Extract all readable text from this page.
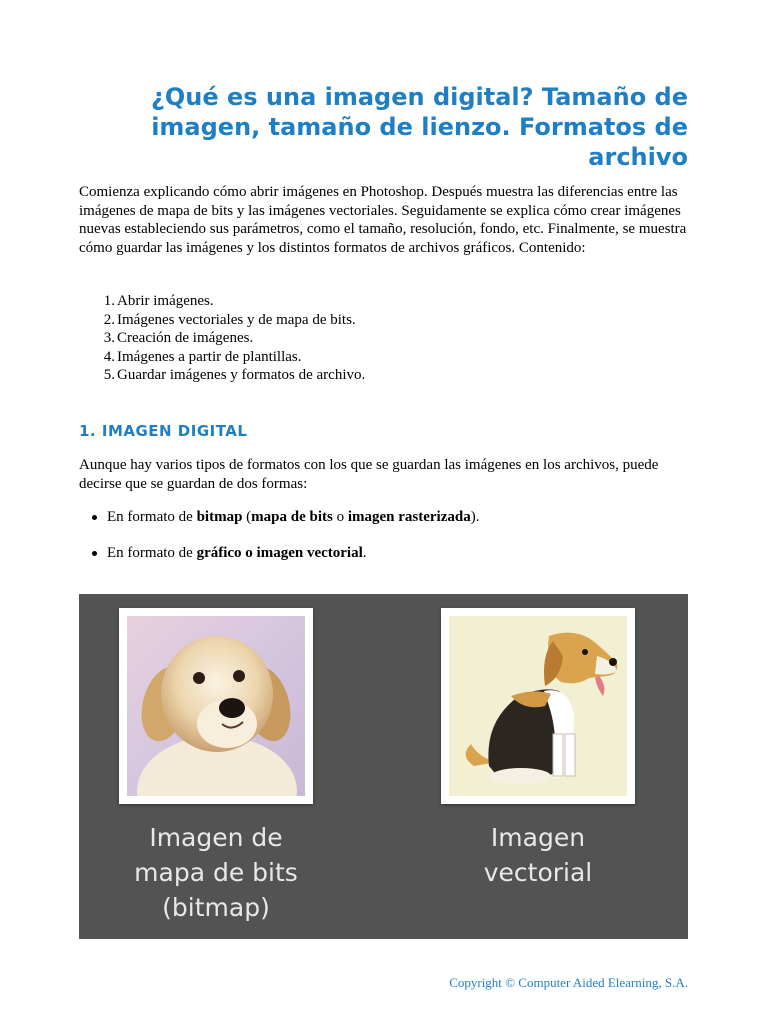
¿Qué es una imagen digital? Tamaño de imagen, tamaño de lienzo. Formatos de archivo

Comienza explicando cómo abrir imágenes en Photoshop. Después muestra las diferencias entre las imágenes de mapa de bits y las imágenes vectoriales. Seguidamente se explica cómo crear imágenes nuevas estableciendo sus parámetros, como el tamaño, resolución, fondo, etc. Finalmente, se muestra cómo guardar las imágenes y los distintos formatos de archivos gráficos. Contenido:

1. Abrir imágenes.
2. Imágenes vectoriales y de mapa de bits.
3. Creación de imágenes.
4. Imágenes a partir de plantillas.
5. Guardar imágenes y formatos de archivo.
1. IMAGEN DIGITAL

Aunque hay varios tipos de formatos con los que se guardan las imágenes en los archivos, puede decirse que se guardan de dos formas:

En formato de bitmap (mapa de bits o imagen rasterizada).
En formato de gráfico o imagen vectorial.
Imagen de
mapa de bits
(bitmap)
Imagen
vectorial
Copyright © Computer Aided Elearning, S.A.
